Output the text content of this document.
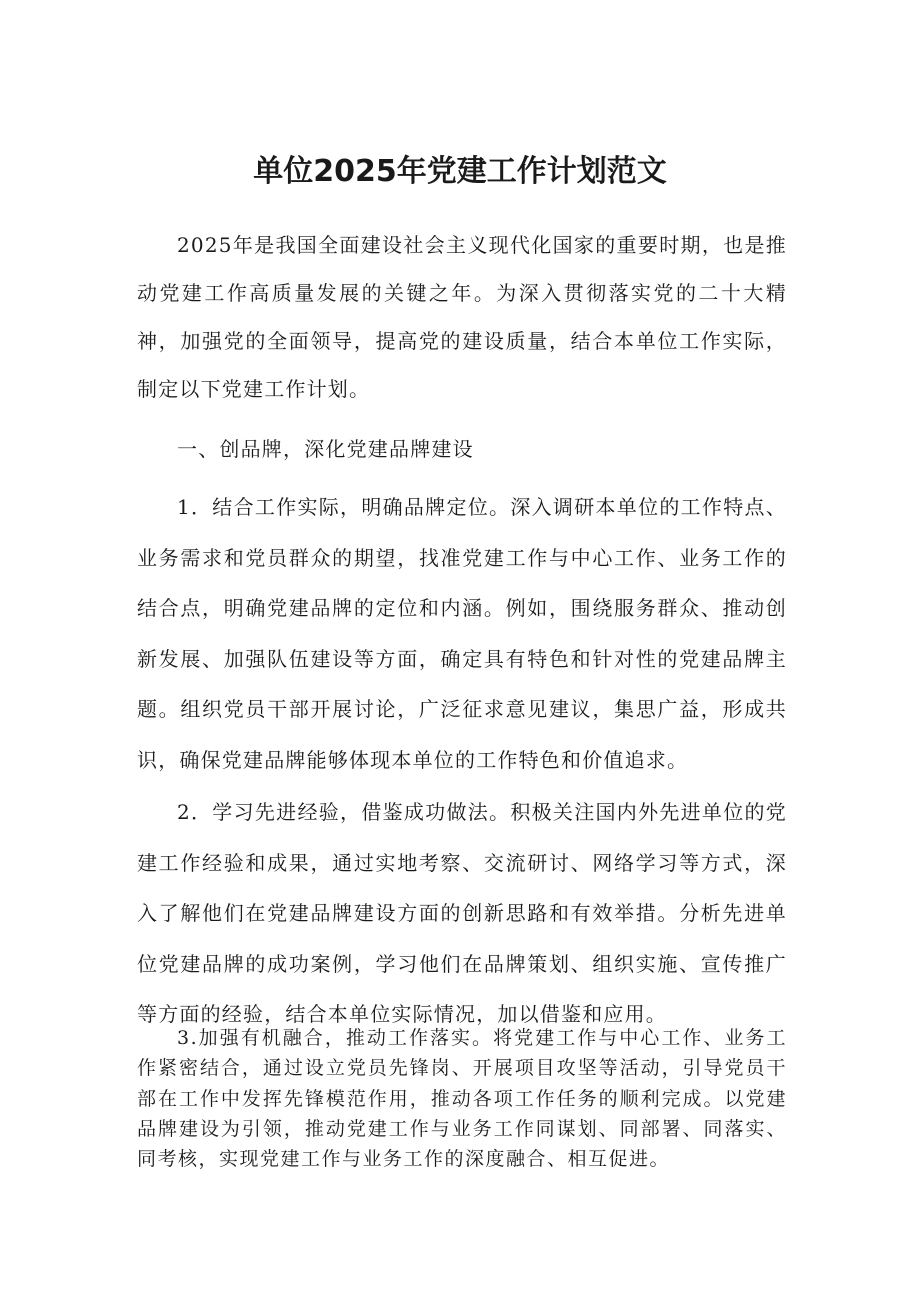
单位2025年党建工作计划范文

2025年是我国全面建设社会主义现代化国家的重要时期，也是推动党建工作高质量发展的关键之年。为深入贯彻落实党的二十大精神，加强党的全面领导，提高党的建设质量，结合本单位工作实际，制定以下党建工作计划。

一、创品牌，深化党建品牌建设

1．结合工作实际，明确品牌定位。深入调研本单位的工作特点、业务需求和党员群众的期望，找准党建工作与中心工作、业务工作的结合点，明确党建品牌的定位和内涵。例如，围绕服务群众、推动创新发展、加强队伍建设等方面，确定具有特色和针对性的党建品牌主题。组织党员干部开展讨论，广泛征求意见建议，集思广益，形成共识，确保党建品牌能够体现本单位的工作特色和价值追求。

2．学习先进经验，借鉴成功做法。积极关注国内外先进单位的党建工作经验和成果，通过实地考察、交流研讨、网络学习等方式，深入了解他们在党建品牌建设方面的创新思路和有效举措。分析先进单位党建品牌的成功案例，学习他们在品牌策划、组织实施、宣传推广等方面的经验，结合本单位实际情况，加以借鉴和应用。

3.加强有机融合，推动工作落实。将党建工作与中心工作、业务工作紧密结合，通过设立党员先锋岗、开展项目攻坚等活动，引导党员干部在工作中发挥先锋模范作用，推动各项工作任务的顺利完成。以党建品牌建设为引领，推动党建工作与业务工作同谋划、同部署、同落实、同考核，实现党建工作与业务工作的深度融合、相互促进。
